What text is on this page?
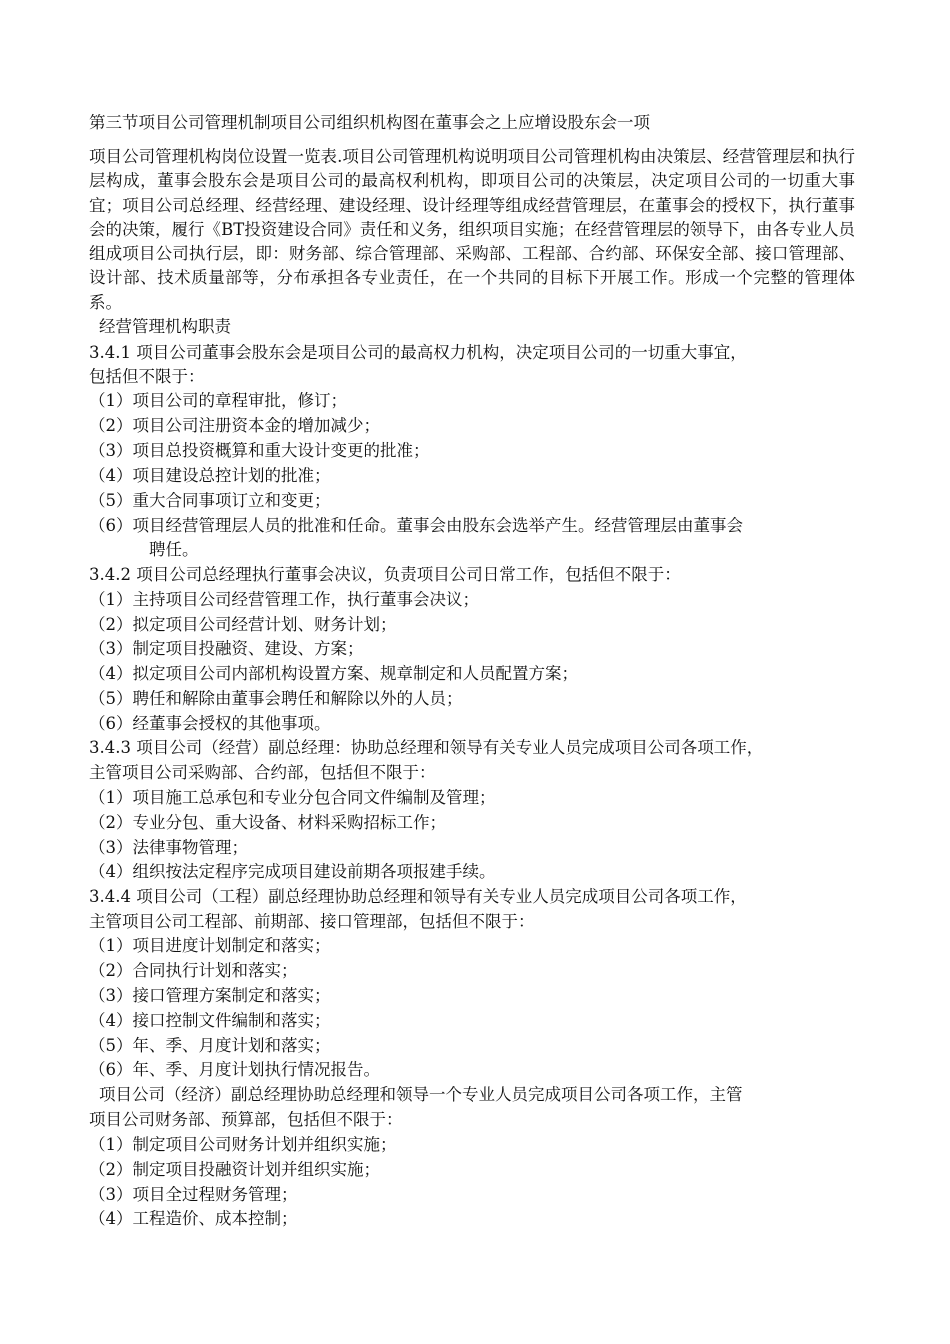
第三节项目公司管理机制项目公司组织机构图在董事会之上应增设股东会一项

项目公司管理机构岗位设置一览表.项目公司管理机构说明项目公司管理机构由决策层、经营管理层和执行层构成，董事会股东会是项目公司的最高权利机构，即项目公司的决策层，决定项目公司的一切重大事宜；项目公司总经理、经营经理、建设经理、设计经理等组成经营管理层，在董事会的授权下，执行董事会的决策，履行《BT投资建设合同》责任和义务，组织项目实施；在经营管理层的领导下，由各专业人员组成项目公司执行层，即：财务部、综合管理部、采购部、工程部、合约部、环保安全部、接口管理部、设计部、技术质量部等，分布承担各专业责任，在一个共同的目标下开展工作。形成一个完整的管理体系。

经营管理机构职责
3.4.1 项目公司董事会股东会是项目公司的最高权力机构，决定项目公司的一切重大事宜，
包括但不限于：
（1）项目公司的章程审批，修订；
（2）项目公司注册资本金的增加减少；
（3）项目总投资概算和重大设计变更的批准；
（4）项目建设总控计划的批准；
（5）重大合同事项订立和变更；
（6）项目经营管理层人员的批准和任命。董事会由股东会选举产生。经营管理层由董事会
聘任。
3.4.2 项目公司总经理执行董事会决议，负责项目公司日常工作，包括但不限于：
（1）主持项目公司经营管理工作，执行董事会决议；
（2）拟定项目公司经营计划、财务计划；
（3）制定项目投融资、建设、方案；
（4）拟定项目公司内部机构设置方案、规章制定和人员配置方案；
（5）聘任和解除由董事会聘任和解除以外的人员；
（6）经董事会授权的其他事项。
3.4.3 项目公司（经营）副总经理：协助总经理和领导有关专业人员完成项目公司各项工作，
主管项目公司采购部、合约部，包括但不限于：
（1）项目施工总承包和专业分包合同文件编制及管理；
（2）专业分包、重大设备、材料采购招标工作；
（3）法律事物管理；
（4）组织按法定程序完成项目建设前期各项报建手续。
3.4.4 项目公司（工程）副总经理协助总经理和领导有关专业人员完成项目公司各项工作，
主管项目公司工程部、前期部、接口管理部，包括但不限于：
（1）项目进度计划制定和落实；
（2）合同执行计划和落实；
（3）接口管理方案制定和落实；
（4）接口控制文件编制和落实；
（5）年、季、月度计划和落实；
（6）年、季、月度计划执行情况报告。
项目公司（经济）副总经理协助总经理和领导一个专业人员完成项目公司各项工作，主管
项目公司财务部、预算部，包括但不限于：
（1）制定项目公司财务计划并组织实施；
（2）制定项目投融资计划并组织实施；
（3）项目全过程财务管理；
（4）工程造价、成本控制；
